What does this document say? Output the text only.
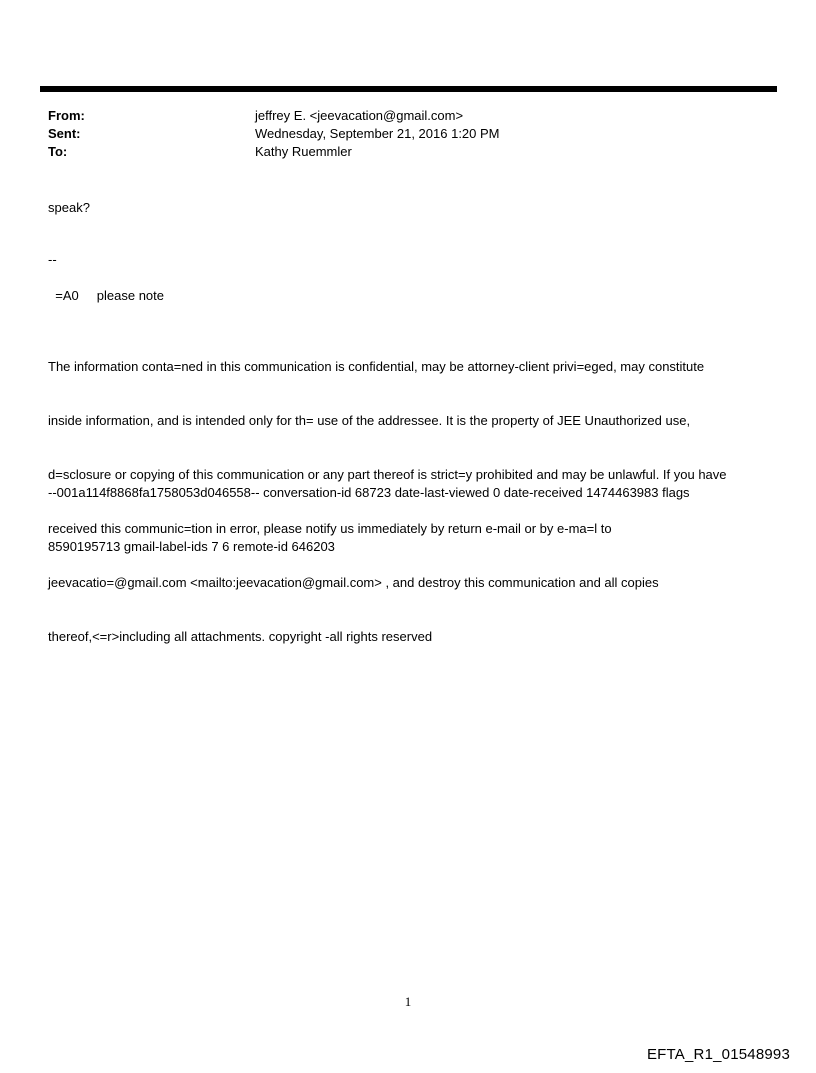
From:	jeffrey E. <jeevacation@gmail.com>
Sent:	Wednesday, September 21, 2016 1:20 PM
To:	Kathy Ruemmler
speak?
--
=A0     please note

The information conta=ned in this communication is confidential, may be attorney-client privi=eged, may constitute

inside information, and is intended only for th= use of the addressee. It is the property of JEE Unauthorized use,

d=sclosure or copying of this communication or any part thereof is strict=y prohibited and may be unlawful. If you have

received this communic=tion in error, please notify us immediately by return e-mail or by e-ma=l to

jeevacatio=@gmail.com <mailto:jeevacation@gmail.com> , and destroy this communication and all copies

thereof,<=r>including all attachments. copyright -all rights reserved

--001a114f8868fa1758053d046558-- conversation-id 68723 date-last-viewed 0 date-received 1474463983 flags

8590195713 gmail-label-ids 7 6 remote-id 646203

1
EFTA_R1_01548993
